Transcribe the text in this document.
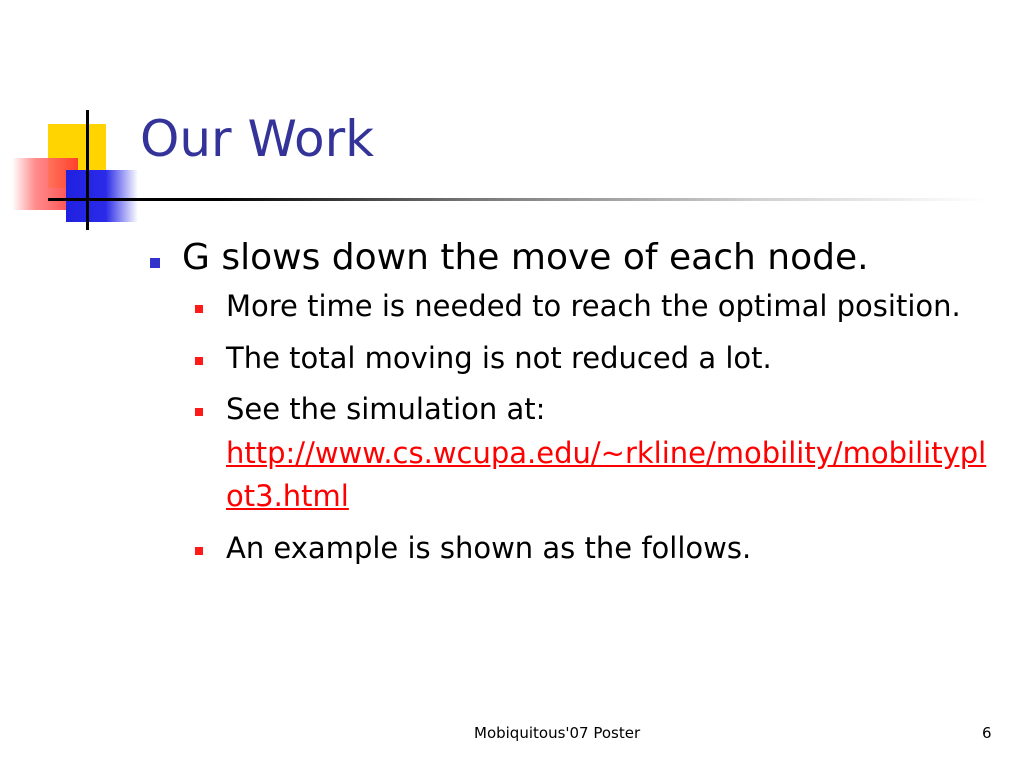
Our Work
G slows down the move of each node.
More time is needed to reach the optimal position.
The total moving is not reduced a lot.
See the simulation at:
http://www.cs.wcupa.edu/~rkline/mobility/mobilityplot3.html
An example is shown as the follows.
Mobiquitous'07 Poster	6
